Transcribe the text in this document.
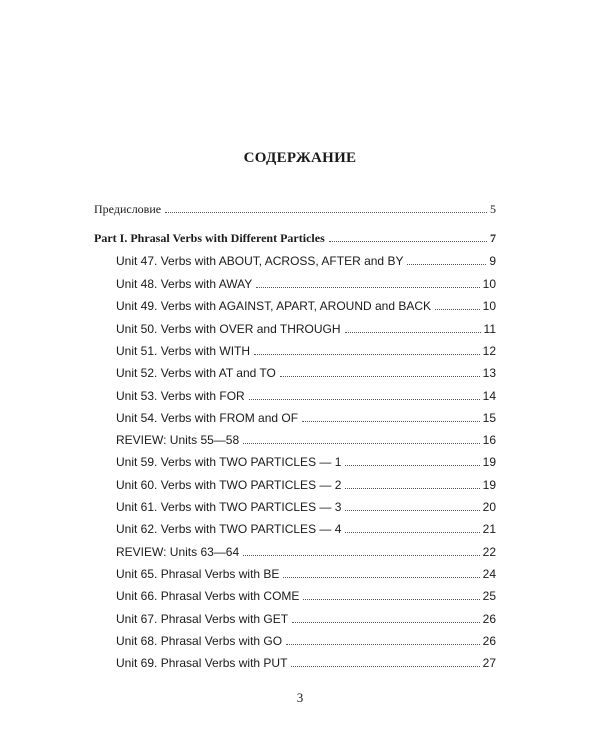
СОДЕРЖАНИЕ
Предисловие	5
Part I. Phrasal Verbs with Different Particles	7
Unit 47. Verbs with ABOUT, ACROSS, AFTER and BY	9
Unit 48. Verbs with AWAY	10
Unit 49. Verbs with AGAINST, APART, AROUND and BACK	10
Unit 50. Verbs with OVER and THROUGH	11
Unit 51. Verbs with WITH	12
Unit 52. Verbs with AT and TO	13
Unit 53. Verbs with FOR	14
Unit 54. Verbs with FROM and OF	15
REVIEW: Units 55—58	16
Unit 59. Verbs with TWO PARTICLES — 1	19
Unit 60. Verbs with TWO PARTICLES — 2	19
Unit 61. Verbs with TWO PARTICLES — 3	20
Unit 62. Verbs with TWO PARTICLES — 4	21
REVIEW: Units 63—64	22
Unit 65. Phrasal Verbs with BE	24
Unit 66. Phrasal Verbs with COME	25
Unit 67. Phrasal Verbs with GET	26
Unit 68. Phrasal Verbs with GO	26
Unit 69. Phrasal Verbs with PUT	27
3
